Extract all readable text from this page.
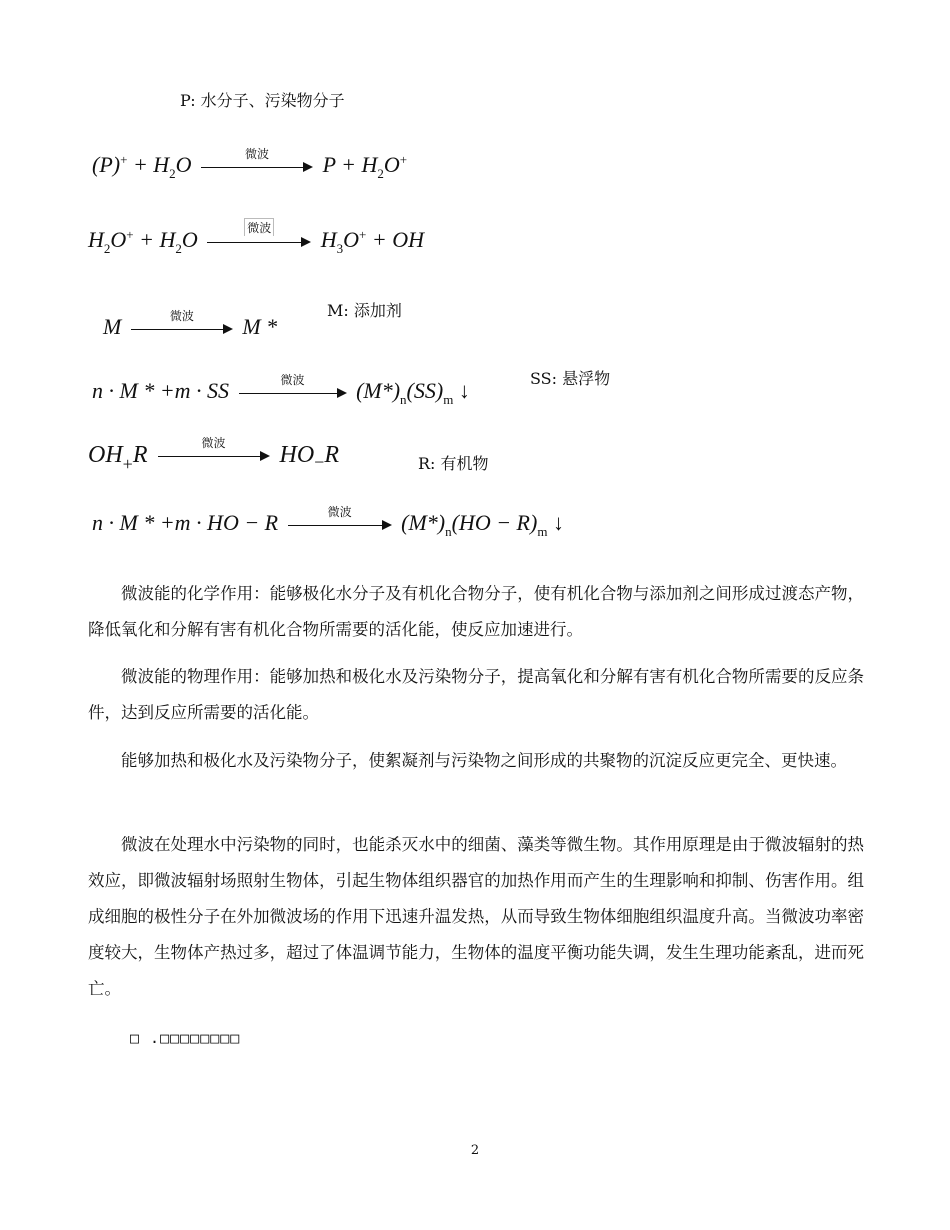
P: 水分子、污染物分子
M: 添加剂
SS: 悬浮物
R: 有机物
$(P)^+ + H_2O$	微波 $P + H_2O^+$
$H_2O^+ + H_2O$	微波 $H_3O^+$ + OH
M	微波 M *
n · M * +m · SS	微波 $(M*)_n(SS)_m$ ↓
$OH_+R$	微波 $HO_-R$
n · M * +m · HO − R	微波 $(M*)_n(HO - R)_m$ ↓

微波能的化学作用：能够极化水分子及有机化合物分子，使有机化合物与添加剂之间形成过渡态产物，降低氧化和分解有害有机化合物所需要的活化能，使反应加速进行。

微波能的物理作用：能够加热和极化水及污染物分子，提高氧化和分解有害有机化合物所需要的反应条件，达到反应所需要的活化能。

能够加热和极化水及污染物分子，使絮凝剂与污染物之间形成的共聚物的沉淀反应更完全、更快速。

微波在处理水中污染物的同时，也能杀灭水中的细菌、藻类等微生物。其作用原理是由于微波辐射的热效应，即微波辐射场照射生物体，引起生物体组织器官的加热作用而产生的生理影响和抑制、伤害作用。组成细胞的极性分子在外加微波场的作用下迅速升温发热，从而导致生物体细胞组织温度升高。当微波功率密度较大，生物体产热过多，超过了体温调节能力，生物体的温度平衡功能失调，发生生理功能紊乱，进而死亡。

□ .□□□□□□□□
2
